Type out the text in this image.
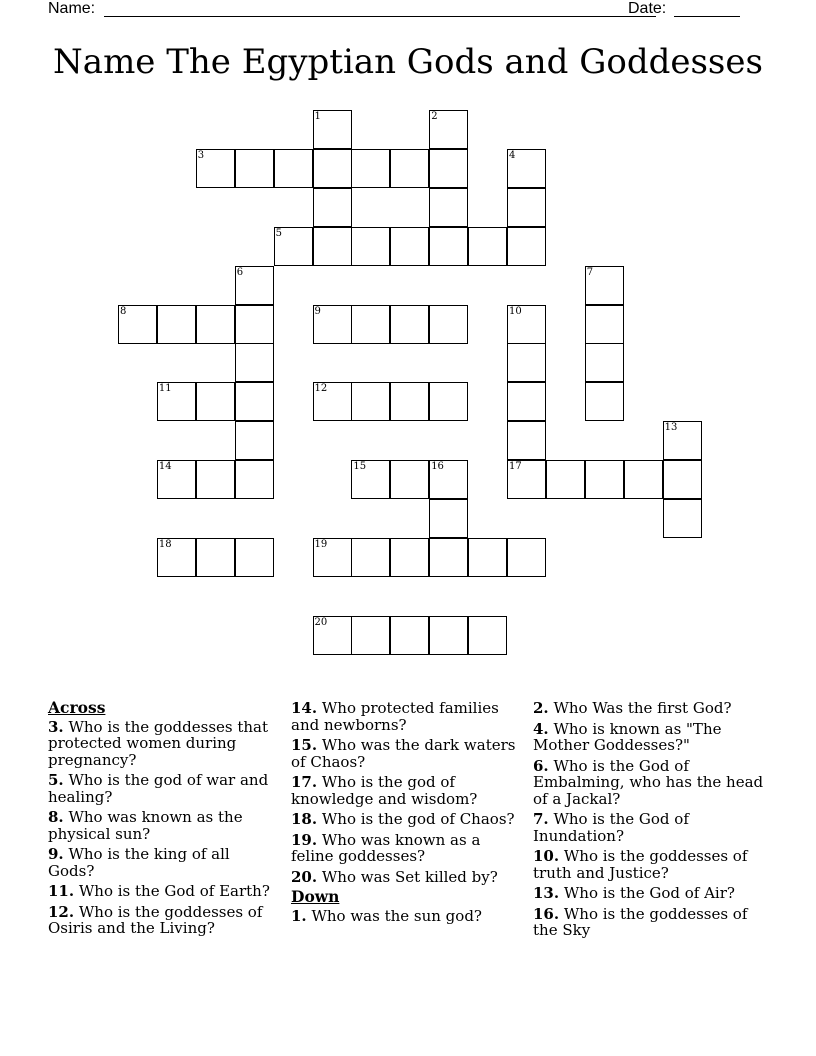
Name:	Date:
Name The Egyptian Gods and Goddesses
1	2
3	4
5
6	7
8	9	10
17
11	12
13
14	15	16
18	19
20
Across
3. Who is the goddesses that protected women during pregnancy?
5. Who is the god of war and healing?
8. Who was known as the physical sun?
9. Who is the king of all Gods?
11. Who is the God of Earth?
12. Who is the goddesses of Osiris and the Living?
14. Who protected families and newborns?
15. Who was the dark waters of Chaos?
17. Who is the god of knowledge and wisdom?
18. Who is the god of Chaos?
19. Who was known as a feline goddesses?
20. Who was Set killed by?
Down
1. Who was the sun god?
2. Who Was the first God?
4. Who is known as "The Mother Goddesses?"
6. Who is the God of Embalming, who has the head of a Jackal?
7. Who is the God of Inundation?
10. Who is the goddesses of truth and Justice?
13. Who is the God of Air?
16. Who is the goddesses of the Sky
